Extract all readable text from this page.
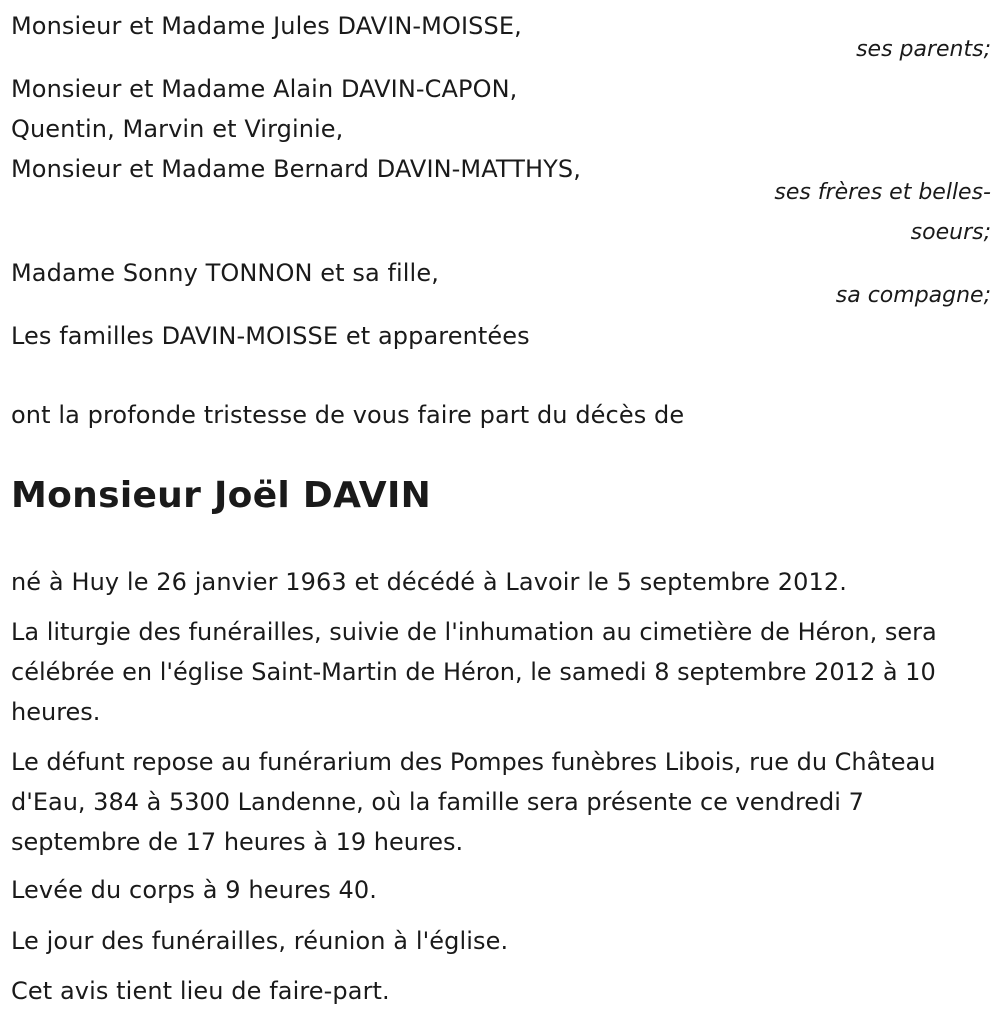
Monsieur et Madame Jules DAVIN-MOISSE,
ses parents;
Monsieur et Madame Alain DAVIN-CAPON,
Quentin, Marvin et Virginie,
Monsieur et Madame Bernard DAVIN-MATTHYS,
ses frères et belles-
soeurs;
Madame Sonny TONNON et sa fille,
sa compagne;
Les familles DAVIN-MOISSE et apparentées
ont la profonde tristesse de vous faire part du décès de
Monsieur Joël DAVIN
né à Huy le 26 janvier 1963 et décédé à Lavoir le 5 septembre 2012.
La liturgie des funérailles, suivie de l'inhumation au cimetière de Héron, sera célébrée en l'église Saint-Martin de Héron, le samedi 8 septembre 2012 à 10 heures.
Le défunt repose au funérarium des Pompes funèbres Libois, rue du Château d'Eau, 384 à 5300 Landenne, où la famille sera présente ce vendredi 7 septembre de 17 heures à 19 heures.
Levée du corps à 9 heures 40.
Le jour des funérailles, réunion à l'église.
Cet avis tient lieu de faire-part.
